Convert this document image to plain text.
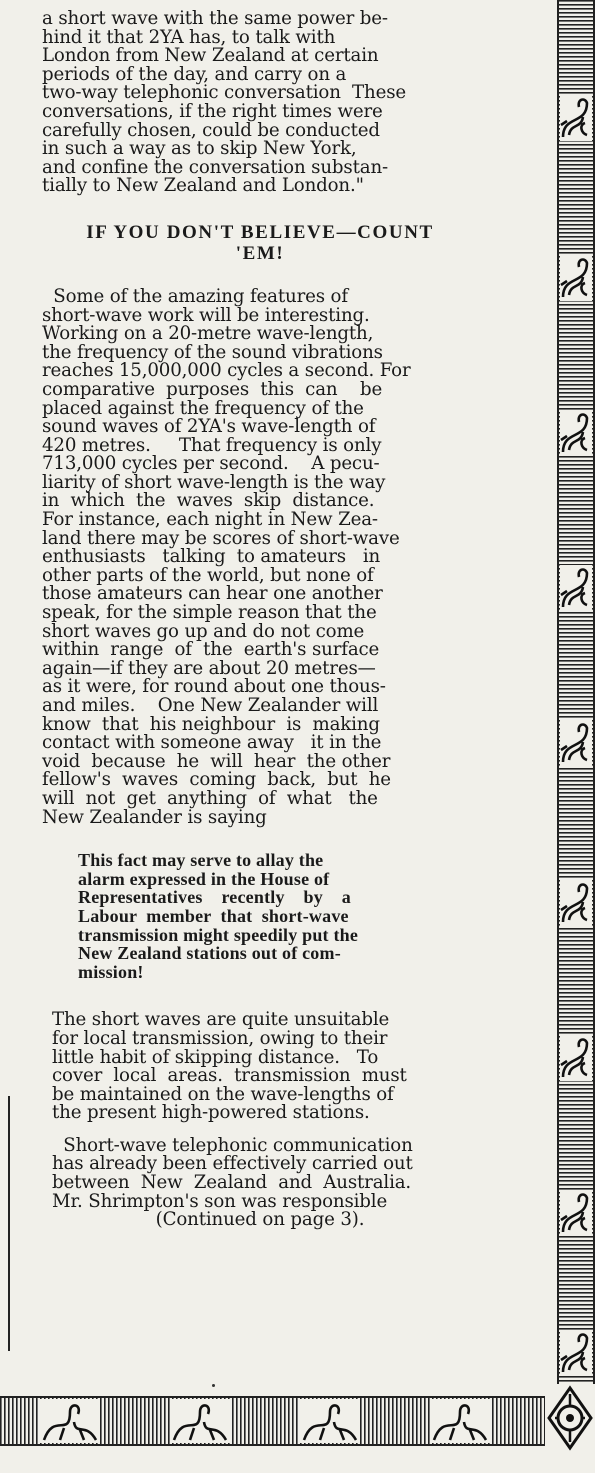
a short wave with the same power be-
hind it that 2YA has, to talk with
London from New Zealand at certain
periods of the day, and carry on a
two-way telephonic conversation  These
conversations, if the right times were
carefully chosen, could be conducted
in such a way as to skip New York,
and confine the conversation substan-
tially to New Zealand and London."
IF YOU DON'T BELIEVE—COUNT
'EM!
Some of the amazing features of
short-wave work will be interesting.
Working on a 20-metre wave-length,
the frequency of the sound vibrations
reaches 15,000,000 cycles a second. For
comparative  purposes  this  can    be
placed against the frequency of the
sound waves of 2YA's wave-length of
420 metres.     That frequency is only
713,000 cycles per second.    A pecu-
liarity of short wave-length is the way
in  which  the  waves  skip  distance.
For instance, each night in New Zea-
land there may be scores of short-wave
enthusiasts   talking  to amateurs   in
other parts of the world, but none of
those amateurs can hear one another
speak, for the simple reason that the
short waves go up and do not come
within  range  of  the  earth's surface
again—if they are about 20 metres—
as it were, for round about one thous-
and miles.    One New Zealander will
know  that  his neighbour  is  making
contact with someone away   it in the
void  because  he  will  hear  the other
fellow's  waves  coming  back,  but  he
will  not  get  anything  of  what   the
New Zealander is saying
This fact may serve to allay the
alarm expressed in the House of
Representatives    recently    by    a
Labour  member  that  short-wave
transmission might speedily put the
New Zealand stations out of com-
mission!
The short waves are quite unsuitable
for local transmission, owing to their
little habit of skipping distance.   To
cover  local  areas.  transmission  must
be maintained on the wave-lengths of
the present high-powered stations.
Short-wave telephonic communication
has already been effectively carried out
between  New  Zealand  and  Australia.
Mr. Shrimpton's son was responsible
(Continued on page 3).
